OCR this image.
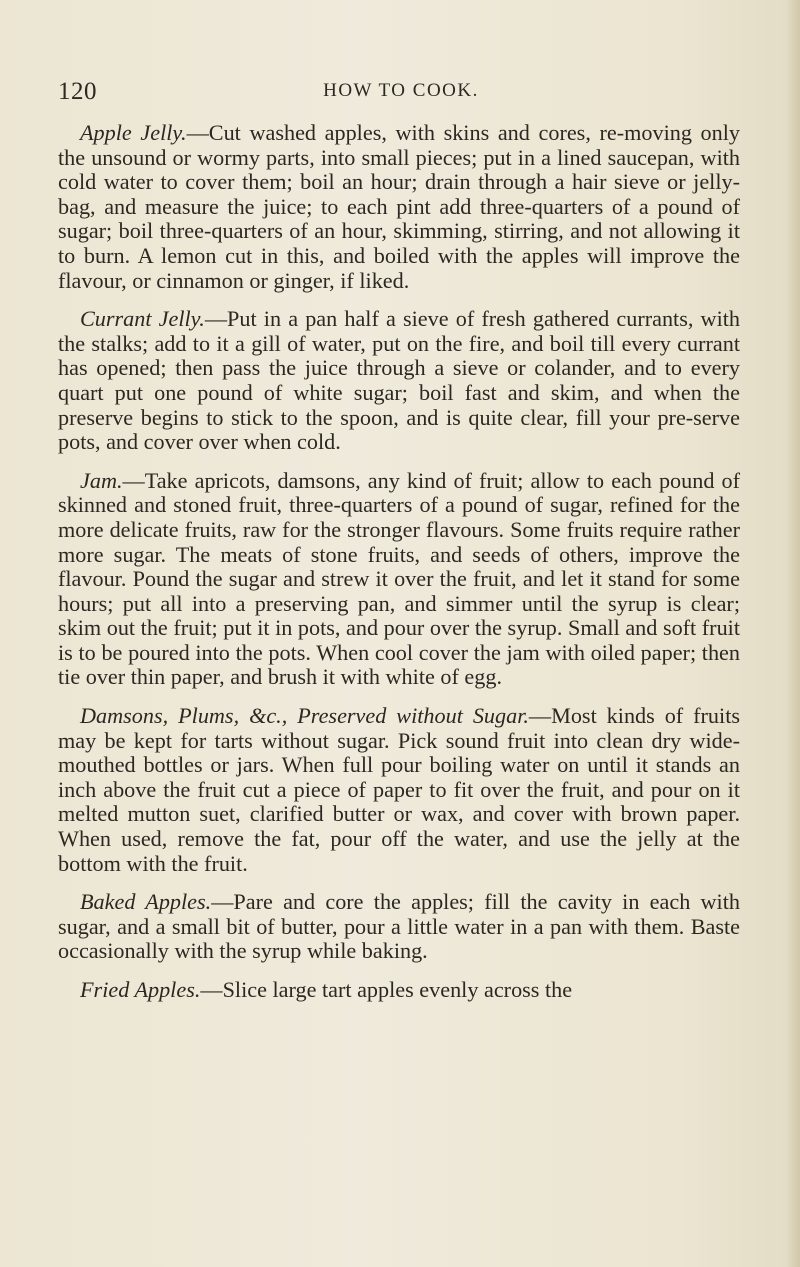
120	HOW TO COOK.

Apple Jelly.—Cut washed apples, with skins and cores, re-moving only the unsound or wormy parts, into small pieces; put in a lined saucepan, with cold water to cover them; boil an hour; drain through a hair sieve or jelly-bag, and measure the juice; to each pint add three-quarters of a pound of sugar; boil three-quarters of an hour, skimming, stirring, and not allowing it to burn. A lemon cut in this, and boiled with the apples will improve the flavour, or cinnamon or ginger, if liked.

Currant Jelly.—Put in a pan half a sieve of fresh gathered currants, with the stalks; add to it a gill of water, put on the fire, and boil till every currant has opened; then pass the juice through a sieve or colander, and to every quart put one pound of white sugar; boil fast and skim, and when the preserve begins to stick to the spoon, and is quite clear, fill your pre-serve pots, and cover over when cold.

Jam.—Take apricots, damsons, any kind of fruit; allow to each pound of skinned and stoned fruit, three-quarters of a pound of sugar, refined for the more delicate fruits, raw for the stronger flavours. Some fruits require rather more sugar. The meats of stone fruits, and seeds of others, improve the flavour. Pound the sugar and strew it over the fruit, and let it stand for some hours; put all into a preserving pan, and simmer until the syrup is clear; skim out the fruit; put it in pots, and pour over the syrup. Small and soft fruit is to be poured into the pots. When cool cover the jam with oiled paper; then tie over thin paper, and brush it with white of egg.

Damsons, Plums, &c., Preserved without Sugar.—Most kinds of fruits may be kept for tarts without sugar. Pick sound fruit into clean dry wide-mouthed bottles or jars. When full pour boiling water on until it stands an inch above the fruit cut a piece of paper to fit over the fruit, and pour on it melted mutton suet, clarified butter or wax, and cover with brown paper. When used, remove the fat, pour off the water, and use the jelly at the bottom with the fruit.

Baked Apples.—Pare and core the apples; fill the cavity in each with sugar, and a small bit of butter, pour a little water in a pan with them. Baste occasionally with the syrup while baking.

Fried Apples.—Slice large tart apples evenly across the
